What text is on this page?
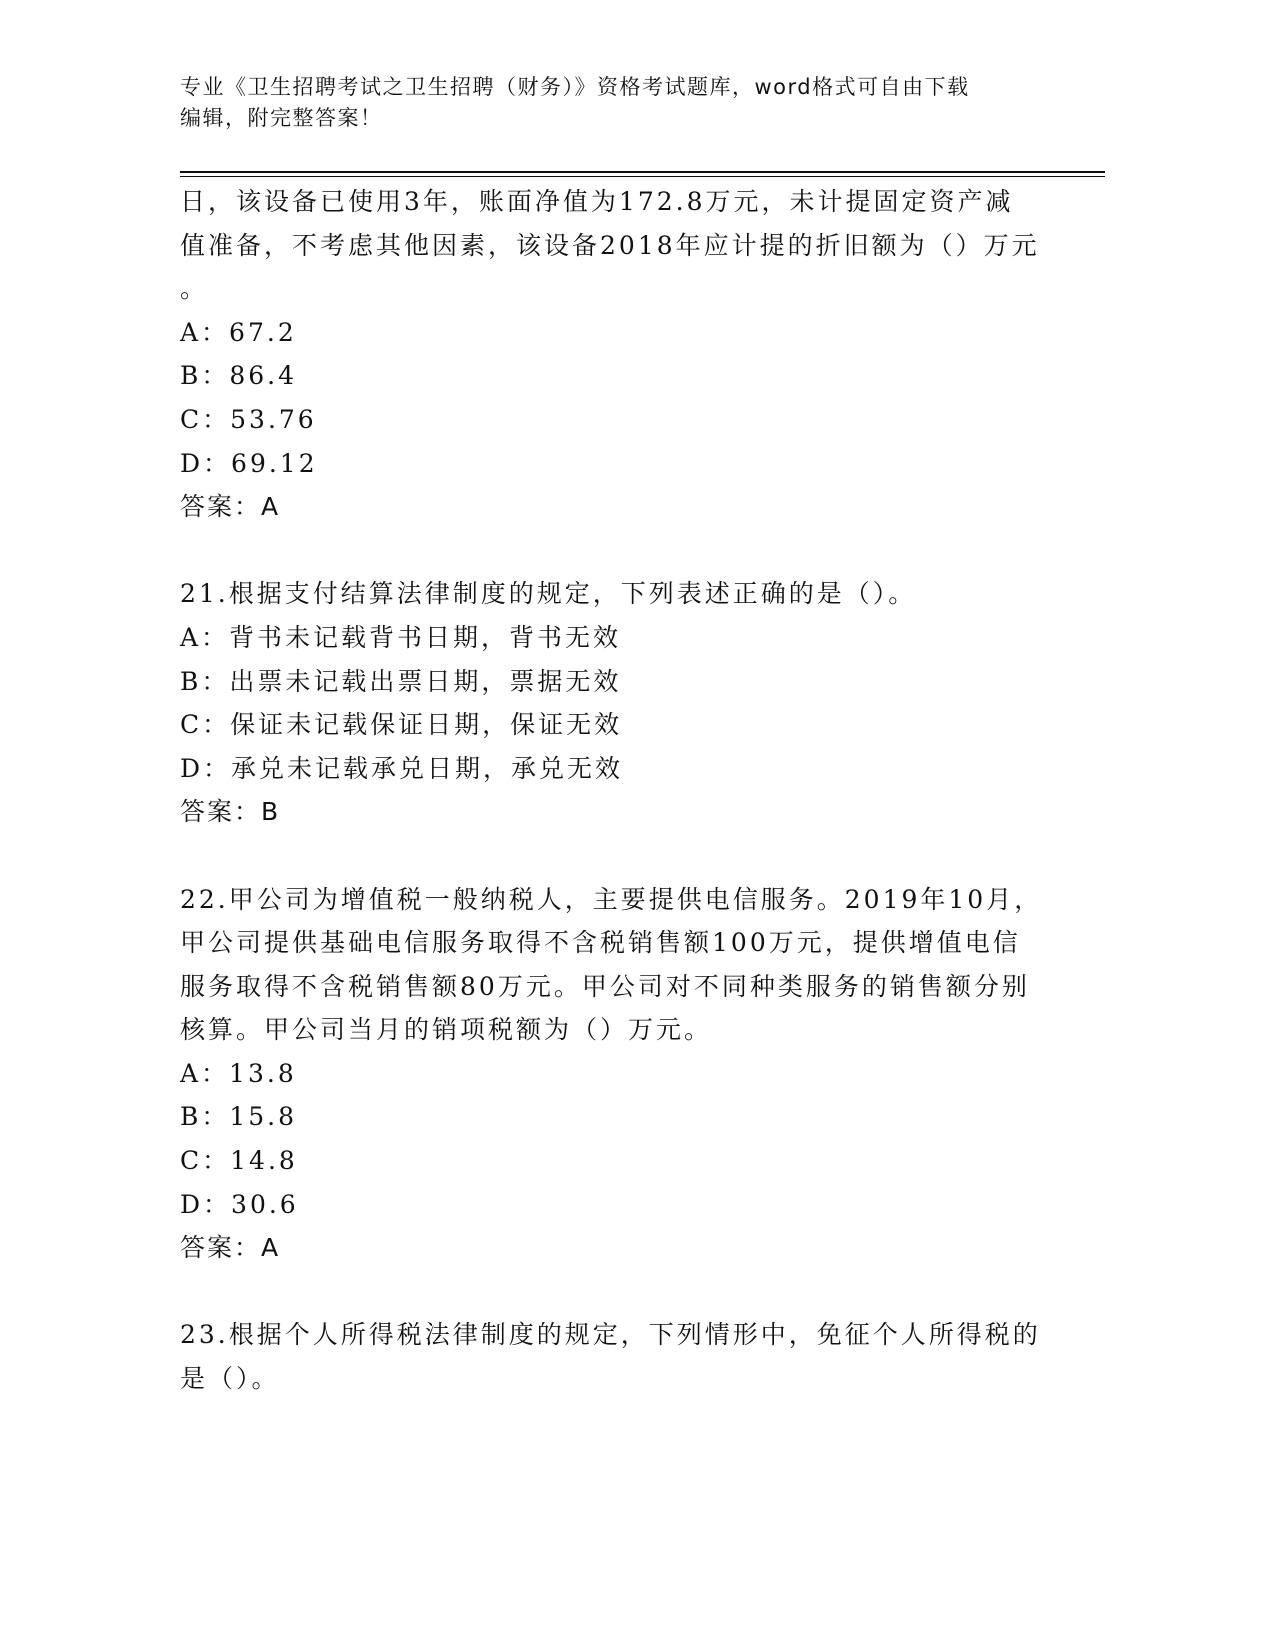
专业《卫生招聘考试之卫生招聘（财务）》资格考试题库，word格式可自由下载
编辑，附完整答案！
日，该设备已使用3年，账面净值为172.8万元，未计提固定资产减
值准备，不考虑其他因素，该设备2018年应计提的折旧额为（）万元
。
A：67.2
B：86.4
C：53.76
D：69.12
答案：A
21.根据支付结算法律制度的规定，下列表述正确的是（）。
A：背书未记载背书日期，背书无效
B：出票未记载出票日期，票据无效
C：保证未记载保证日期，保证无效
D：承兑未记载承兑日期，承兑无效
答案：B
22.甲公司为增值税一般纳税人，主要提供电信服务。2019年10月，
甲公司提供基础电信服务取得不含税销售额100万元，提供增值电信
服务取得不含税销售额80万元。甲公司对不同种类服务的销售额分别
核算。甲公司当月的销项税额为（）万元。
A：13.8
B：15.8
C：14.8
D：30.6
答案：A
23.根据个人所得税法律制度的规定，下列情形中，免征个人所得税的
是（）。
